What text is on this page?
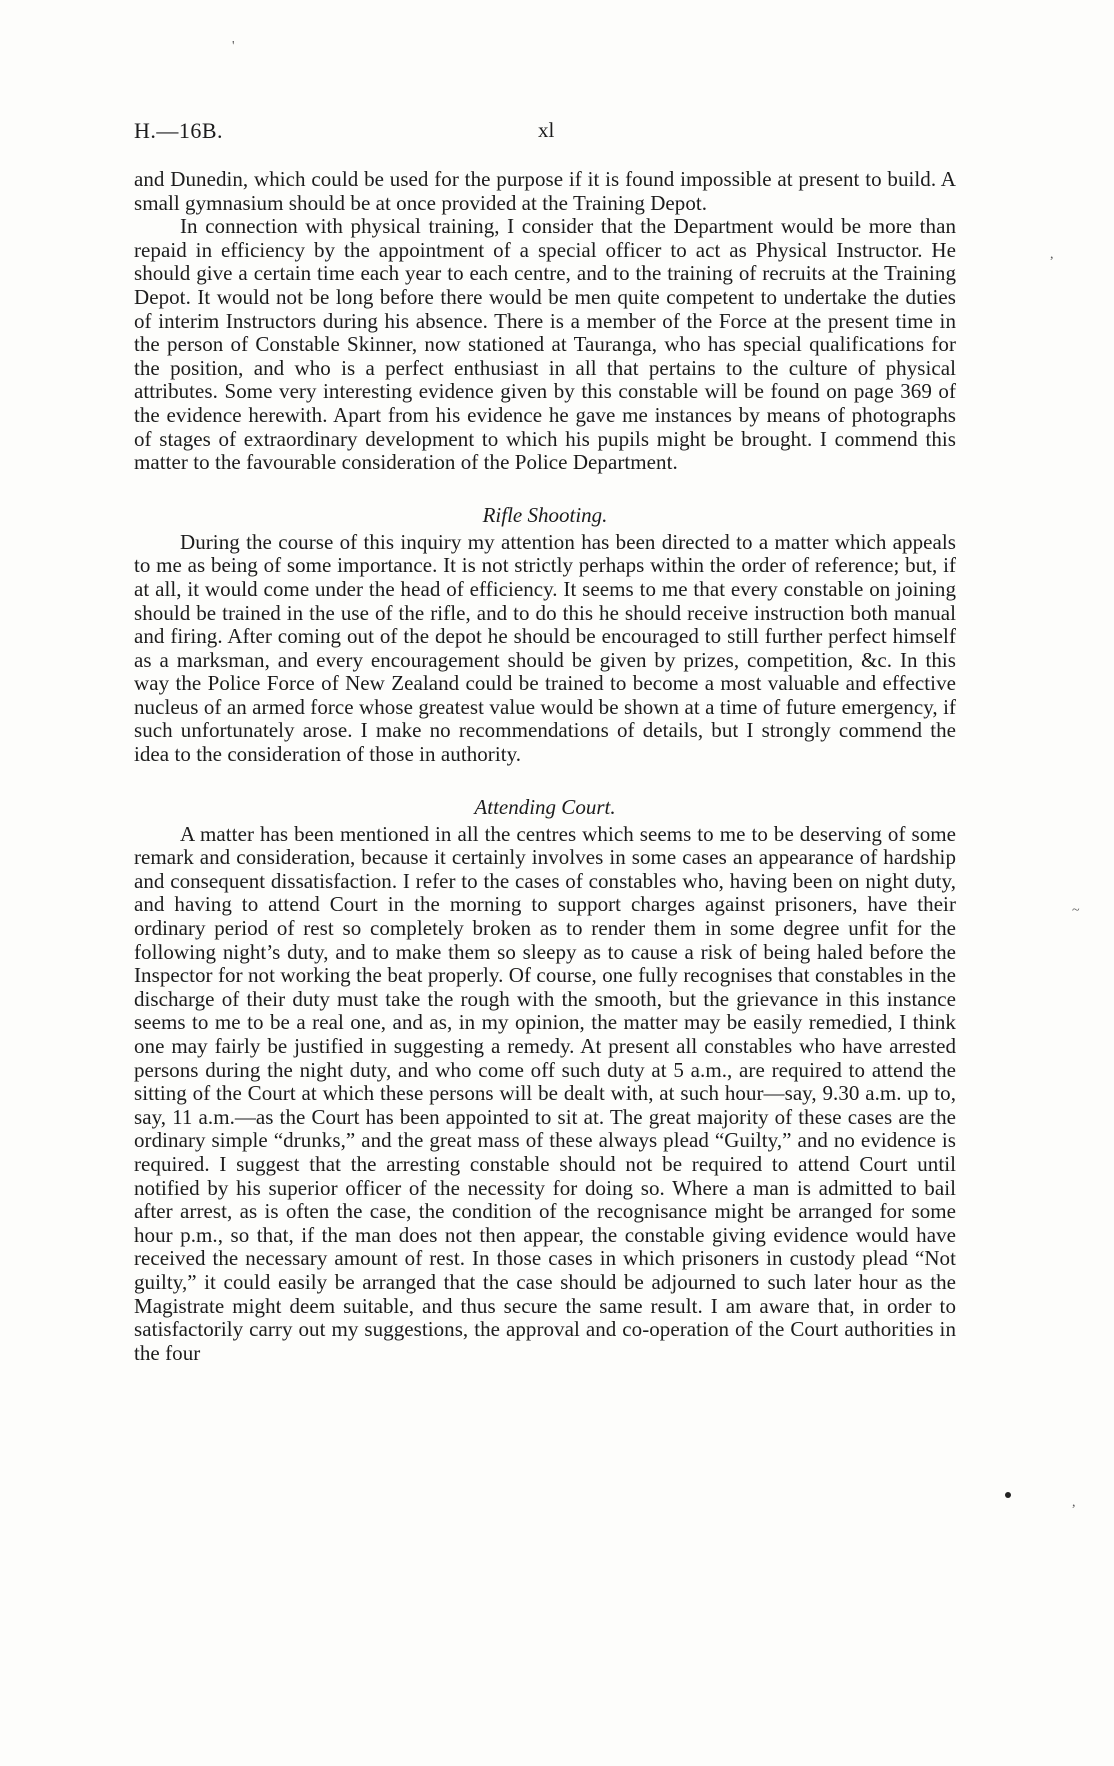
H.—16B.	xl

and Dunedin, which could be used for the purpose if it is found impossible at present to build. A small gymnasium should be at once provided at the Training Depot.

In connection with physical training, I consider that the Department would be more than repaid in efficiency by the appointment of a special officer to act as Physical Instructor. He should give a certain time each year to each centre, and to the training of recruits at the Training Depot. It would not be long before there would be men quite competent to undertake the duties of interim Instructors during his absence. There is a member of the Force at the present time in the person of Constable Skinner, now stationed at Tauranga, who has special qualifications for the position, and who is a perfect enthusiast in all that pertains to the culture of physical attributes. Some very interesting evidence given by this constable will be found on page 369 of the evidence herewith. Apart from his evidence he gave me instances by means of photographs of stages of extraordinary development to which his pupils might be brought. I commend this matter to the favourable consideration of the Police Department.

Rifle Shooting.

During the course of this inquiry my attention has been directed to a matter which appeals to me as being of some importance. It is not strictly perhaps within the order of reference; but, if at all, it would come under the head of efficiency. It seems to me that every constable on joining should be trained in the use of the rifle, and to do this he should receive instruction both manual and firing. After coming out of the depot he should be encouraged to still further perfect himself as a marksman, and every encouragement should be given by prizes, competition, &c. In this way the Police Force of New Zealand could be trained to become a most valuable and effective nucleus of an armed force whose greatest value would be shown at a time of future emergency, if such unfortunately arose. I make no recommendations of details, but I strongly commend the idea to the consideration of those in authority.

Attending Court.

A matter has been mentioned in all the centres which seems to me to be deserving of some remark and consideration, because it certainly involves in some cases an appearance of hardship and consequent dissatisfaction. I refer to the cases of constables who, having been on night duty, and having to attend Court in the morning to support charges against prisoners, have their ordinary period of rest so completely broken as to render them in some degree unfit for the following night’s duty, and to make them so sleepy as to cause a risk of being haled before the Inspector for not working the beat properly. Of course, one fully recognises that constables in the discharge of their duty must take the rough with the smooth, but the grievance in this instance seems to me to be a real one, and as, in my opinion, the matter may be easily remedied, I think one may fairly be justified in suggesting a remedy. At present all constables who have arrested persons during the night duty, and who come off such duty at 5 a.m., are required to attend the sitting of the Court at which these persons will be dealt with, at such hour—say, 9.30 a.m. up to, say, 11 a.m.—as the Court has been appointed to sit at. The great majority of these cases are the ordinary simple “drunks,” and the great mass of these always plead “Guilty,” and no evidence is required. I suggest that the arresting constable should not be required to attend Court until notified by his superior officer of the necessity for doing so. Where a man is admitted to bail after arrest, as is often the case, the condition of the recognisance might be arranged for some hour p.m., so that, if the man does not then appear, the constable giving evidence would have received the necessary amount of rest. In those cases in which prisoners in custody plead “Not guilty,” it could easily be arranged that the case should be adjourned to such later hour as the Magistrate might deem suitable, and thus secure the same result. I am aware that, in order to satisfactorily carry out my suggestions, the approval and co-operation of the Court authorities in the four

'
,
~
,
